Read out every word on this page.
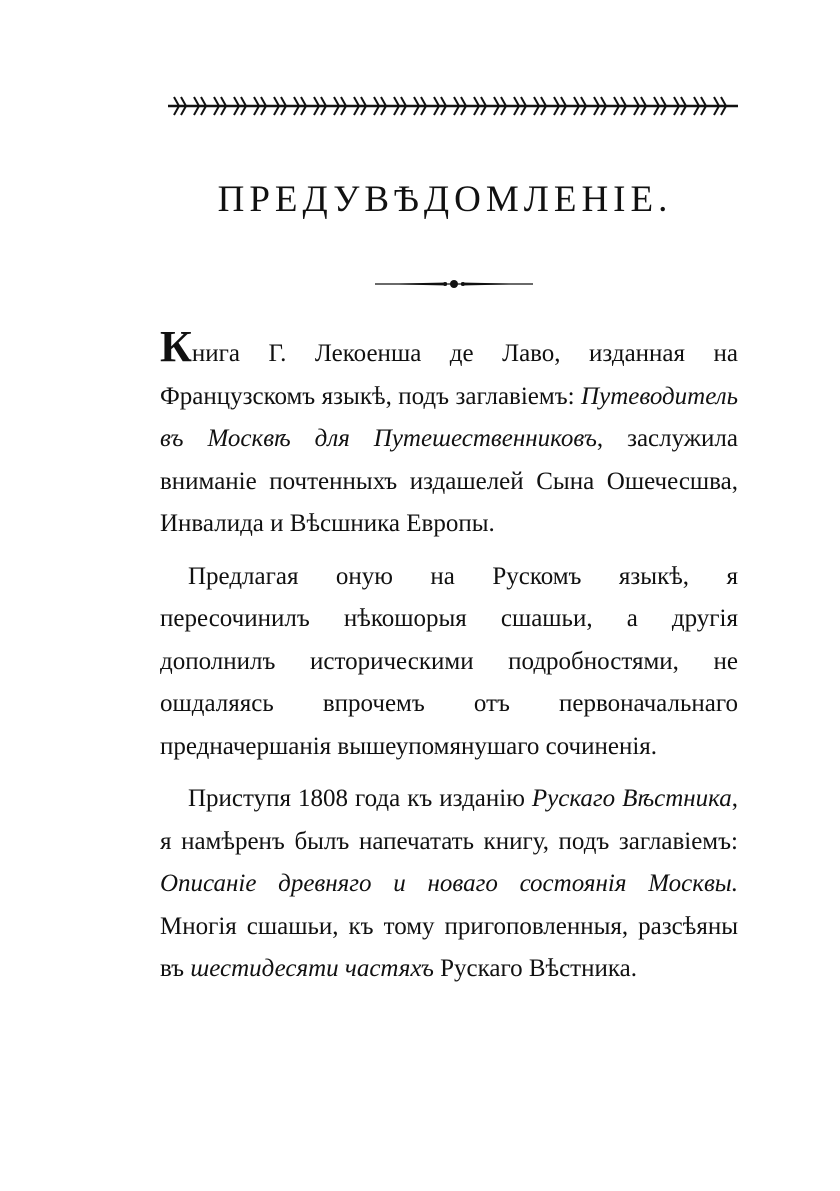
ПРЕДУВѢДОМЛЕНІЕ.

Книга Г. Лекоенша де Лаво, изданная на Французскомъ языкѣ, подъ заглавіемъ: Путеводитель въ Москвѣ для Путешественниковъ, заслужила вниманіе почтенныхъ издашелей Сына Ошечесшва, Инвалида и Вѣсшника Европы.

Предлагая оную на Рускомъ языкѣ, я пересочинилъ нѣкошорыя сшашьи, а другія дополнилъ историческими подробностями, не ошдаляясь впрочемъ отъ первоначальнаго предначершанія вышеупомянушаго сочиненія.

Приступя 1808 года къ изданію Рускаго Вѣстника, я намѣренъ былъ напечатать книгу, подъ заглавіемъ: Описаніе древняго и новаго состоянія Москвы. Многія сшашьи, къ тому пригоповленныя, разсѣяны въ шестидесяти частяхъ Рускаго Вѣстника.
